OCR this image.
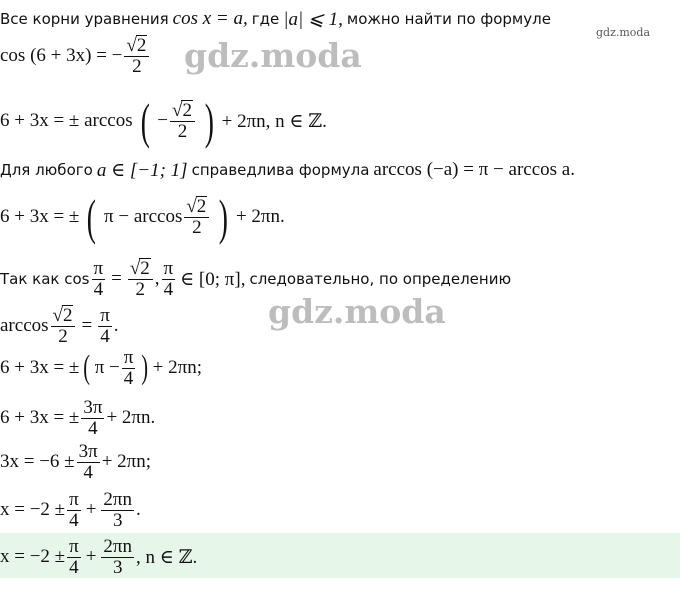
gdz.moda
gdz.moda
gdz.moda
Все корни уравнения
cos x = a,
где
|a| ⩽ 1,
можно найти по формуле
cos (6 + 3x) = − $\frac{√ 2}{2}$
6 + 3x = ± arccos ( − $\frac{√ 2}{2}$ ) + 2πn, n ∈ ℤ.
Для любого
a ∈ [−1; 1]
справедлива формула
arccos (−a) = π − arccos a.
6 + 3x = ± ( $\pi - \arccos \frac{√ 2}{2}$ ) + 2πn.
Так как $\cos \frac{\pi}{4} = \frac{√ 2}{2}$ , $\frac{\pi}{4}$ ∈ [0; π], следовательно, по определению
$\arccos \frac{√ 2}{2} = \frac{\pi}{4}$ .
6 + 3x = ± ( $\pi - \frac{\pi}{4}$ ) + 2πn;
6 + 3x = ± $\frac{3\pi}{4} + 2\pi n$.
$3x = -6 \pm \frac{3\pi}{4} + 2\pi n$;
$x = -2 \pm \frac{\pi}{4} + \frac{2\pi n}{3}$ .
$x = -2 \pm \frac{\pi}{4} + \frac{2\pi n}{3}$ , n ∈ ℤ.
